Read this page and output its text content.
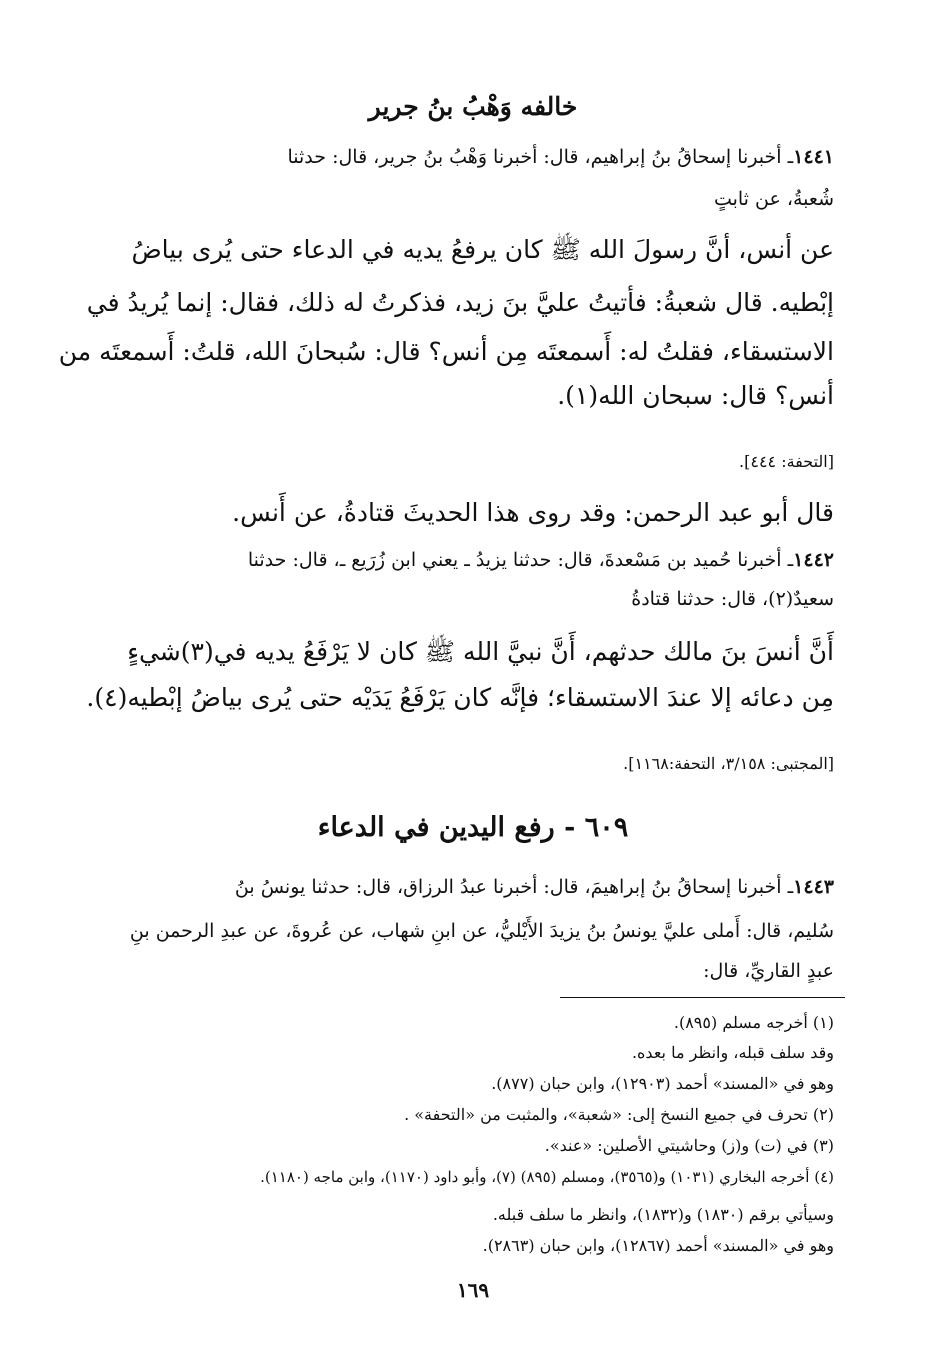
خالفه وَهْبُ بنُ جرير
١٤٤١ـ أخبرنا إسحاقُ بنُ إبراهيم، قال: أخبرنا وَهْبُ بنُ جرير، قال: حدثنا
شُعبةُ، عن ثابتٍ
عن أنس، أنَّ رسولَ الله ﷺ كان يرفعُ يديه في الدعاء حتى يُرى بياضُ
إبْطيه. قال شعبةُ: فأتيتُ عليَّ بنَ زيد، فذكرتُ له ذلك، فقال: إنما يُريدُ في
الاستسقاء، فقلتُ له: أَسمعتَه مِن أنس؟ قال: سُبحانَ الله، قلتُ: أَسمعتَه من
أنس؟ قال: سبحان الله(١).
[التحفة: ٤٤٤].
قال أبو عبد الرحمن: وقد روى هذا الحديثَ قتادةُ، عن أَنس.
١٤٤٢ـ أخبرنا حُميد بن مَسْعدةَ، قال: حدثنا يزيدُ ـ يعني ابن زُرَيع ـ، قال: حدثنا
سعيدٌ(٢)، قال: حدثنا قتادةُ
أَنَّ أنسَ بنَ مالك حدثهم، أَنَّ نبيَّ الله ﷺ كان لا يَرْفَعُ يديه في(٣)شيءٍ
مِن دعائه إلا عندَ الاستسقاء؛ فإنَّه كان يَرْفَعُ يَدَيْه حتى يُرى بياضُ إبْطيه(٤).
[المجتبى: ٣/١٥٨، التحفة:١١٦٨].
٦٠٩ - رفع اليدين في الدعاء
١٤٤٣ـ أخبرنا إسحاقُ بنُ إبراهيمَ، قال: أخبرنا عبدُ الرزاق، قال: حدثنا يونسُ بنُ
سُليم، قال: أَملى عليَّ يونسُ بنُ يزيدَ الأَيْليُّ، عن ابنِ شهاب، عن عُروةَ، عن عبدِ الرحمن بنِ
عبدٍ القاريِّ، قال:
(١) أخرجه مسلم (٨٩٥).
وقد سلف قبله، وانظر ما بعده.
وهو في «المسند» أحمد (١٢٩٠٣)، وابن حبان (٨٧٧).
(٢) تحرف في جميع النسخ إلى: «شعبة»، والمثبت من «التحفة» .
(٣) في (ت) و(ز) وحاشيتي الأصلين: «عند».
(٤) أخرجه البخاري (١٠٣١) و(٣٥٦٥)، ومسلم (٨٩٥) (٧)، وأبو داود (١١٧٠)، وابن ماجه (١١٨٠).
وسيأتي برقم (١٨٣٠) و(١٨٣٢)، وانظر ما سلف قبله.
وهو في «المسند» أحمد (١٢٨٦٧)، وابن حبان (٢٨٦٣).
١٦٩
